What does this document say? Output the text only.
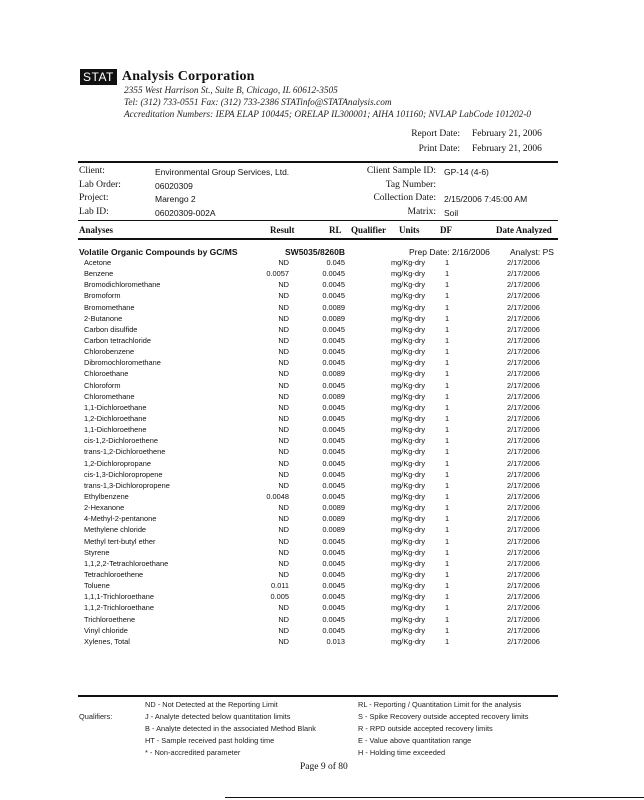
STAT Analysis Corporation
2355 West Harrison St., Suite B, Chicago, IL 60612-3505
Tel: (312) 733-0551 Fax: (312) 733-2386 STATinfo@STATAnalysis.com
Accreditation Numbers: IEPA ELAP 100445; ORELAP IL300001; AIHA 101160; NVLAP LabCode 101202-0
Report Date: February 21, 2006
Print Date: February 21, 2006
Client:	Environmental Group Services, Ltd.
Lab Order:	06020309
Project:	Marengo 2
Lab ID:	06020309-002A
Client Sample ID: GP-14 (4-6)
Tag Number:
Collection Date: 2/15/2006 7:45:00 AM
Matrix: Soil
Analyses	Result	RL Qualifier Units DF	Date Analyzed
Volatile Organic Compounds by GC/MS	SW5035/8260B	Prep Date: 2/16/2006 Analyst: PS
Acetone	ND	0.045	mg/Kg-dry	1	2/17/2006
Benzene	0.0057	0.0045	mg/Kg-dry	1	2/17/2006
Bromodichloromethane	ND	0.0045	mg/Kg-dry	1	2/17/2006
Bromoform	ND	0.0045	mg/Kg-dry	1	2/17/2006
Bromomethane	ND	0.0089	mg/Kg-dry	1	2/17/2006
2-Butanone	ND	0.0089	mg/Kg-dry	1	2/17/2006
Carbon disulfide	ND	0.0045	mg/Kg-dry	1	2/17/2006
Carbon tetrachloride	ND	0.0045	mg/Kg-dry	1	2/17/2006
Chlorobenzene	ND	0.0045	mg/Kg-dry	1	2/17/2006
Dibromochloromethane	ND	0.0045	mg/Kg-dry	1	2/17/2006
Chloroethane	ND	0.0089	mg/Kg-dry	1	2/17/2006
Chloroform	ND	0.0045	mg/Kg-dry	1	2/17/2006
Chloromethane	ND	0.0089	mg/Kg-dry	1	2/17/2006
1,1-Dichloroethane	ND	0.0045	mg/Kg-dry	1	2/17/2006
1,2-Dichloroethane	ND	0.0045	mg/Kg-dry	1	2/17/2006
1,1-Dichloroethene	ND	0.0045	mg/Kg-dry	1	2/17/2006
cis-1,2-Dichloroethene	ND	0.0045	mg/Kg-dry	1	2/17/2006
trans-1,2-Dichloroethene	ND	0.0045	mg/Kg-dry	1	2/17/2006
1,2-Dichloropropane	ND	0.0045	mg/Kg-dry	1	2/17/2006
cis-1,3-Dichloropropene	ND	0.0045	mg/Kg-dry	1	2/17/2006
trans-1,3-Dichloropropene	ND	0.0045	mg/Kg-dry	1	2/17/2006
Ethylbenzene	0.0048	0.0045	mg/Kg-dry	1	2/17/2006
2-Hexanone	ND	0.0089	mg/Kg-dry	1	2/17/2006
4-Methyl-2-pentanone	ND	0.0089	mg/Kg-dry	1	2/17/2006
Methylene chloride	ND	0.0089	mg/Kg-dry	1	2/17/2006
Methyl tert-butyl ether	ND	0.0045	mg/Kg-dry	1	2/17/2006
Styrene	ND	0.0045	mg/Kg-dry	1	2/17/2006
1,1,2,2-Tetrachloroethane	ND	0.0045	mg/Kg-dry	1	2/17/2006
Tetrachloroethene	ND	0.0045	mg/Kg-dry	1	2/17/2006
Toluene	0.011	0.0045	mg/Kg-dry	1	2/17/2006
1,1,1-Trichloroethane	0.005	0.0045	mg/Kg-dry	1	2/17/2006
1,1,2-Trichloroethane	ND	0.0045	mg/Kg-dry	1	2/17/2006
Trichloroethene	ND	0.0045	mg/Kg-dry	1	2/17/2006
Vinyl chloride	ND	0.0045	mg/Kg-dry	1	2/17/2006
Xylenes, Total	ND	0.013	mg/Kg-dry	1	2/17/2006
Qualifiers:
ND - Not Detected at the Reporting Limit
J - Analyte detected below quantitation limits
B - Analyte detected in the associated Method Blank
HT - Sample received past holding time
* - Non-accredited parameter
RL - Reporting / Quantitation Limit for the analysis
S - Spike Recovery outside accepted recovery limits
R - RPD outside accepted recovery limits
E - Value above quantitation range
H - Holding time exceeded
Page 9 of 80
